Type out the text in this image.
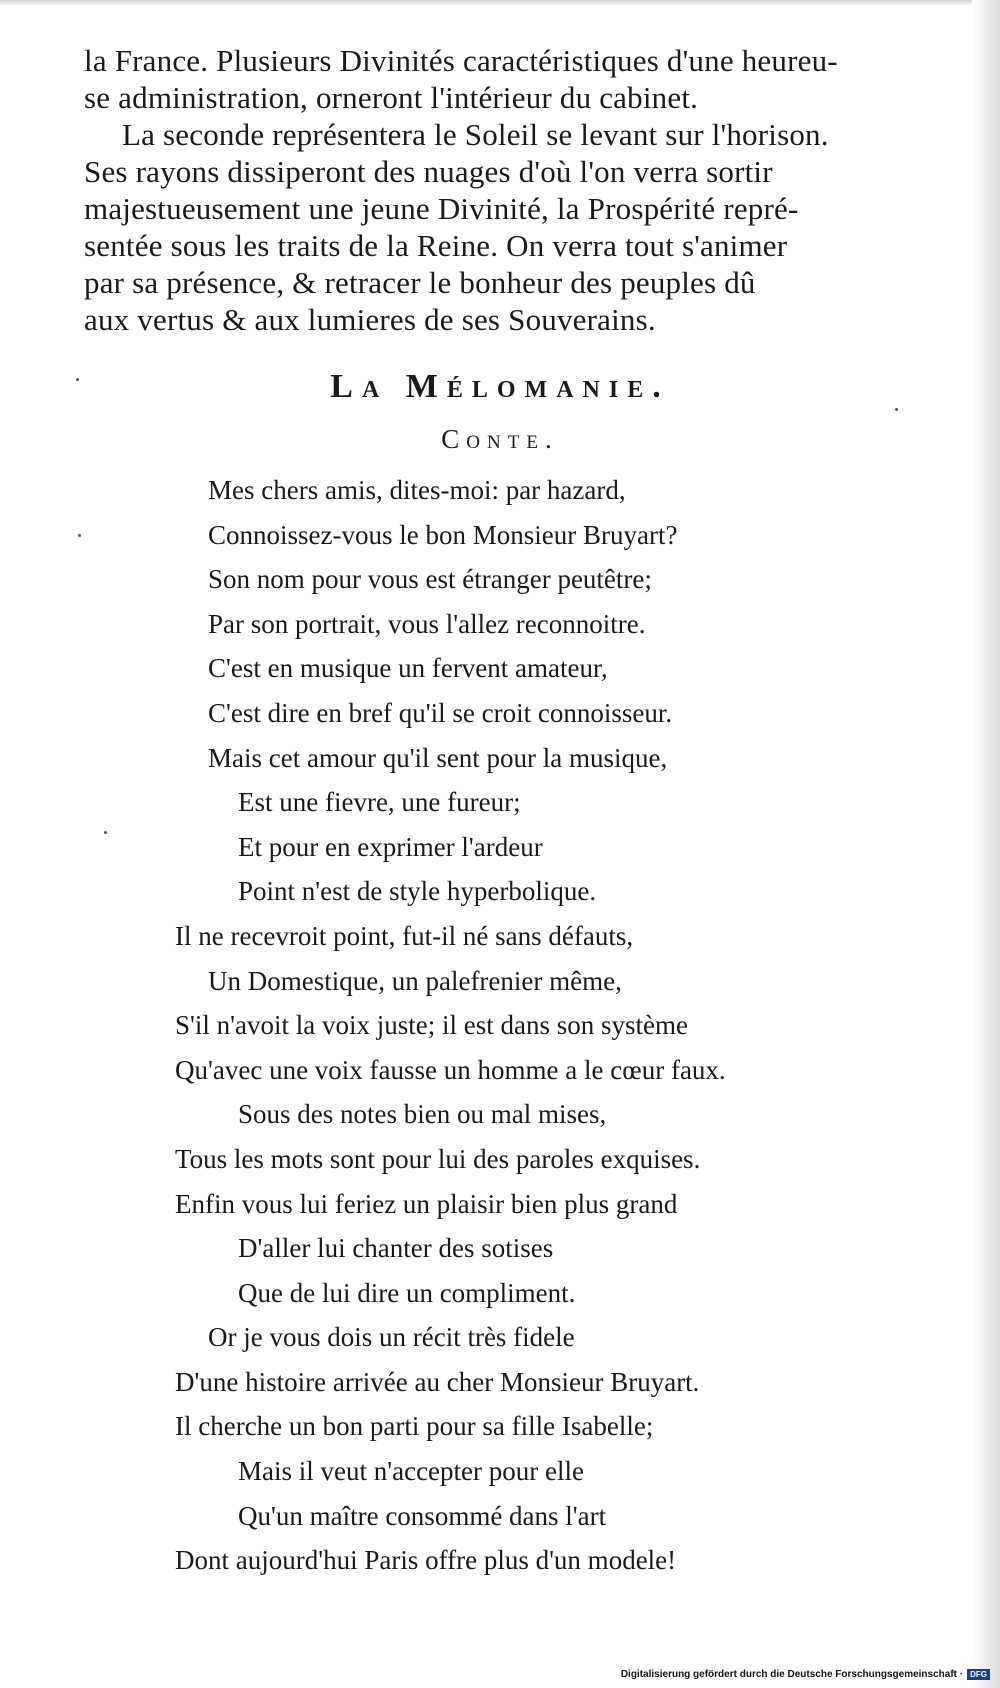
la France. Plusieurs Divinités caractéristiques d'une heureu-
se administration, orneront l'intérieur du cabinet.
La seconde représentera le Soleil se levant sur l'horison.
Ses rayons dissiperont des nuages d'où l'on verra sortir
majestueusement une jeune Divinité, la Prospérité repré-
sentée sous les traits de la Reine. On verra tout s'animer
par sa présence, & retracer le bonheur des peuples dû
aux vertus & aux lumieres de ses Souverains.
La Mélomanie.
Conte.
Mes chers amis, dites-moi: par hazard,
Connoissez-vous le bon Monsieur Bruyart?
Son nom pour vous est étranger peutêtre;
Par son portrait, vous l'allez reconnoitre.
C'est en musique un fervent amateur,
C'est dire en bref qu'il se croit connoisseur.
Mais cet amour qu'il sent pour la musique,
Est une fievre, une fureur;
Et pour en exprimer l'ardeur
Point n'est de style hyperbolique.
Il ne recevroit point, fut-il né sans défauts,
Un Domestique, un palefrenier même,
S'il n'avoit la voix juste; il est dans son système
Qu'avec une voix fausse un homme a le cœur faux.
Sous des notes bien ou mal mises,
Tous les mots sont pour lui des paroles exquises.
Enfin vous lui feriez un plaisir bien plus grand
D'aller lui chanter des sotises
Que de lui dire un compliment.
Or je vous dois un récit très fidele
D'une histoire arrivée au cher Monsieur Bruyart.
Il cherche un bon parti pour sa fille Isabelle;
Mais il veut n'accepter pour elle
Qu'un maître consommé dans l'art
Dont aujourd'hui Paris offre plus d'un modele!
Digitalisierung gefördert durch die Deutsche Forschungsgemeinschaft · DFG
